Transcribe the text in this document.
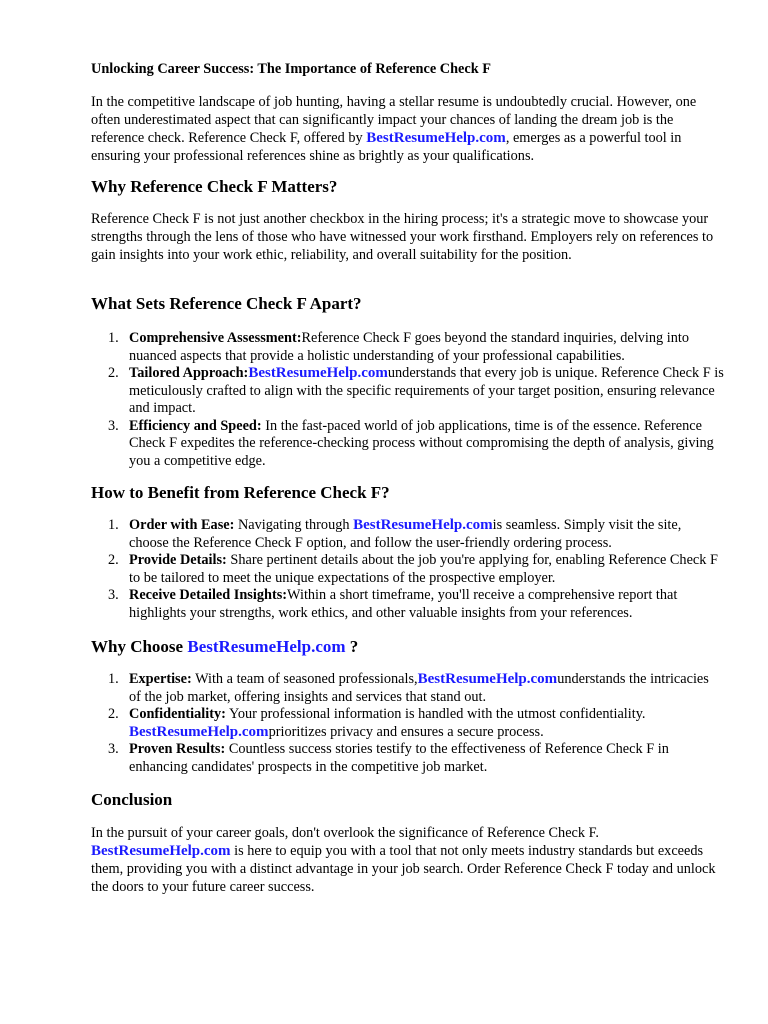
Unlocking Career Success: The Importance of Reference Check F

In the competitive landscape of job hunting, having a stellar resume is undoubtedly crucial. However, one often underestimated aspect that can significantly impact your chances of landing the dream job is the reference check. Reference Check F, offered by BestResumeHelp.com, emerges as a powerful tool in ensuring your professional references shine as brightly as your qualifications.

Why Reference Check F Matters?

Reference Check F is not just another checkbox in the hiring process; it's a strategic move to showcase your strengths through the lens of those who have witnessed your work firsthand. Employers rely on references to gain insights into your work ethic, reliability, and overall suitability for the position.

What Sets Reference Check F Apart?
1. Comprehensive Assessment:Reference Check F goes beyond the standard inquiries, delving into nuanced aspects that provide a holistic understanding of your professional capabilities.
2. Tailored Approach:BestResumeHelp.comunderstands that every job is unique. Reference Check F is meticulously crafted to align with the specific requirements of your target position, ensuring relevance and impact.
3. Efficiency and Speed: In the fast-paced world of job applications, time is of the essence. Reference Check F expedites the reference-checking process without compromising the depth of analysis, giving you a competitive edge.
How to Benefit from Reference Check F?
1. Order with Ease: Navigating through BestResumeHelp.comis seamless. Simply visit the site, choose the Reference Check F option, and follow the user-friendly ordering process.
2. Provide Details: Share pertinent details about the job you're applying for, enabling Reference Check F to be tailored to meet the unique expectations of the prospective employer.
3. Receive Detailed Insights:Within a short timeframe, you'll receive a comprehensive report that highlights your strengths, work ethics, and other valuable insights from your references.
Why Choose BestResumeHelp.com ?
1. Expertise: With a team of seasoned professionals,BestResumeHelp.comunderstands the intricacies of the job market, offering insights and services that stand out.
2. Confidentiality: Your professional information is handled with the utmost confidentiality. BestResumeHelp.comprioritizes privacy and ensures a secure process.
3. Proven Results: Countless success stories testify to the effectiveness of Reference Check F in enhancing candidates' prospects in the competitive job market.
Conclusion

In the pursuit of your career goals, don't overlook the significance of Reference Check F. BestResumeHelp.com is here to equip you with a tool that not only meets industry standards but exceeds them, providing you with a distinct advantage in your job search. Order Reference Check F today and unlock the doors to your future career success.
